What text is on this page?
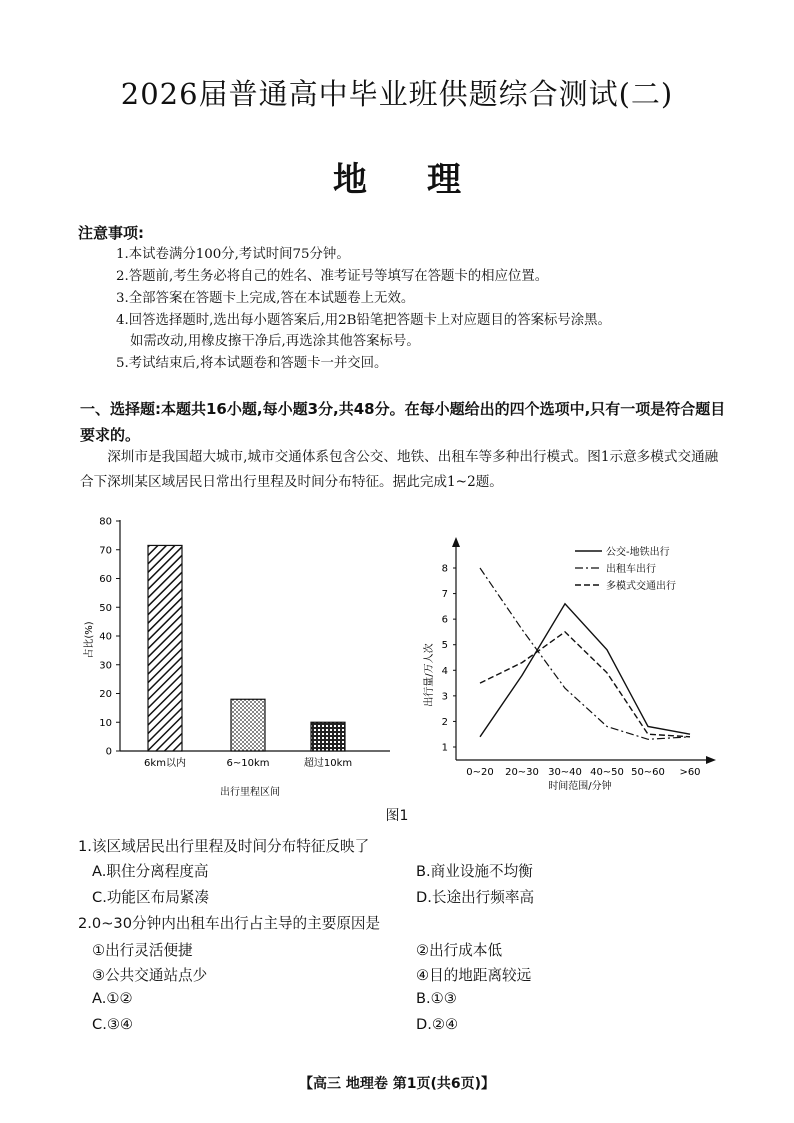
2026届普通高中毕业班供题综合测试(二)
地 理
注意事项:
1.本试卷满分100分,考试时间75分钟。
2.答题前,考生务必将自己的姓名、准考证号等填写在答题卡的相应位置。
3.全部答案在答题卡上完成,答在本试题卷上无效。
4.回答选择题时,选出每小题答案后,用2B铅笔把答题卡上对应题目的答案标号涂黑。
如需改动,用橡皮擦干净后,再选涂其他答案标号。
5.考试结束后,将本试题卷和答题卡一并交回。
一、选择题:本题共16小题,每小题3分,共48分。在每小题给出的四个选项中,只有一项是符合题目要求的。
深圳市是我国超大城市,城市交通体系包含公交、地铁、出租车等多种出行模式。图1示意多模式交通融合下深圳某区域居民日常出行里程及时间分布特征。据此完成1~2题。
0
10
20
30
40
50
60
70
80
6km以内	6~10km	超过10km
占比(%)
出行里程区间
1
2
3
4
5
6
7
8
0~20 20~30 30~40 40~50 50~60 >60
出行量/万人次
时间范围/分钟
公交-地铁出行
出租车出行
多模式交通出行
图1
1.该区域居民出行里程及时间分布特征反映了
A.职住分离程度高	B.商业设施不均衡
C.功能区布局紧凑	D.长途出行频率高
2.0~30分钟内出租车出行占主导的主要原因是
①出行灵活便捷	②出行成本低
③公共交通站点少	④目的地距离较远
A.①②	B.①③
C.③④	D.②④
【高三 地理卷 第1页(共6页)】
